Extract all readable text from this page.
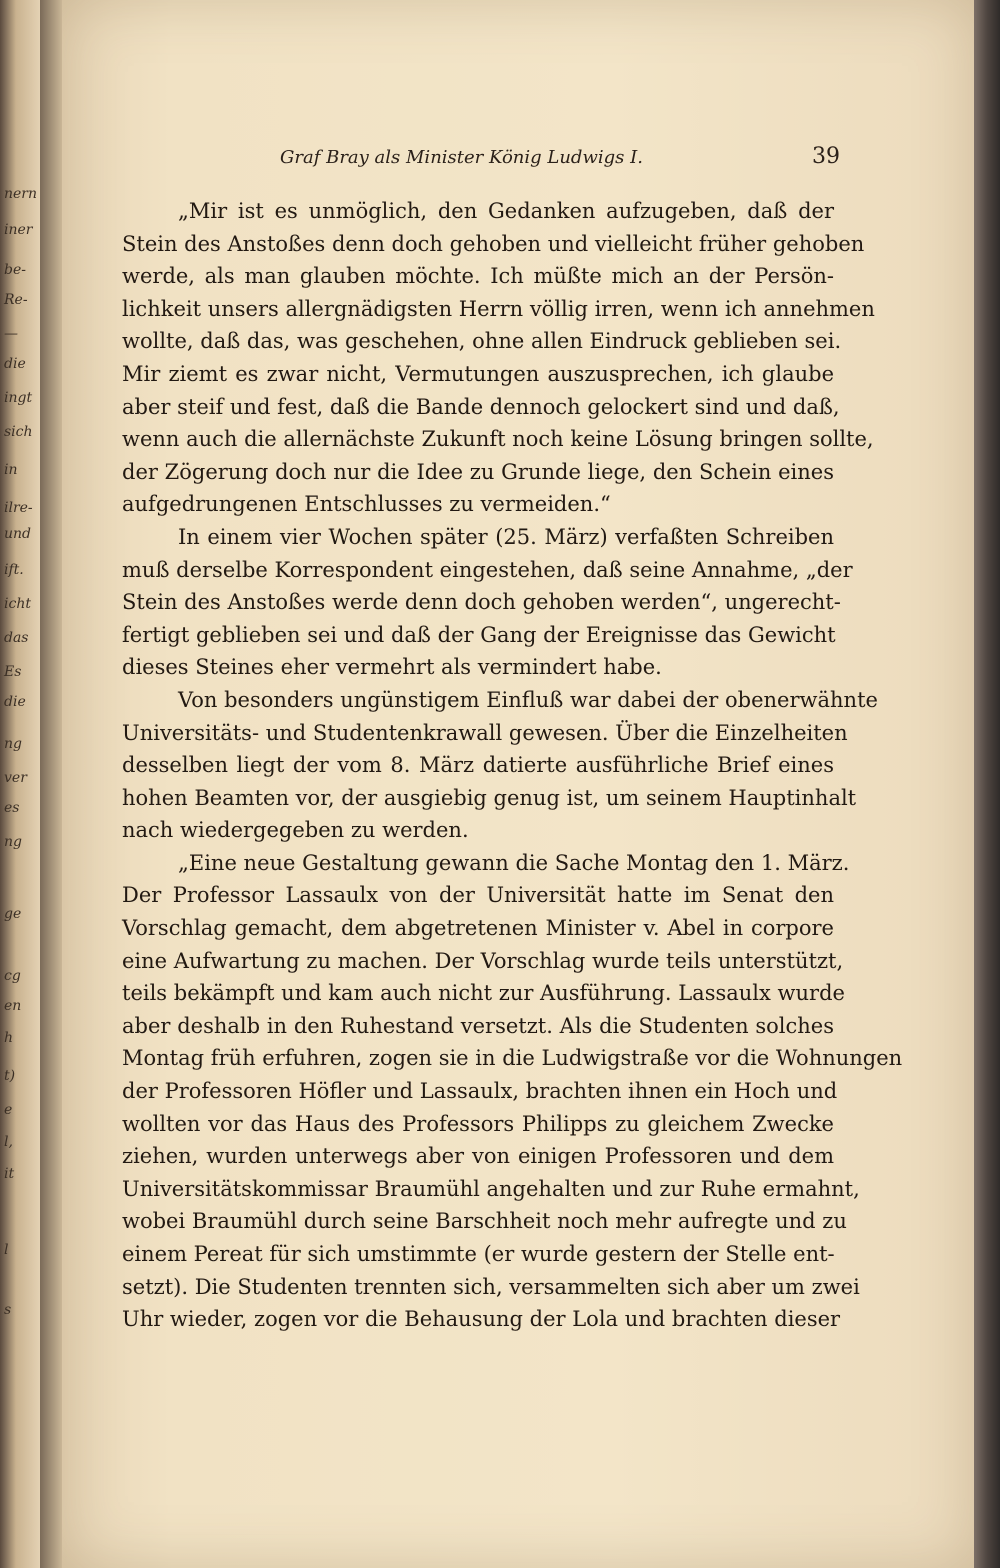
nern
iner
be-
Re-
—
die
ingt
sich
in
ilre-
und
ift.
icht
das
Es
die
ng
ver
es
ng
ge
cg
en
h
t)
e
l,
it
l
s
Graf Bray als Minister König Ludwigs I.	39
„Mir ist es unmöglich, den Gedanken aufzugeben, daß der
Stein des Anstoßes denn doch gehoben und vielleicht früher gehoben
werde, als man glauben möchte. Ich müßte mich an der Persön-
lichkeit unsers allergnädigsten Herrn völlig irren, wenn ich annehmen
wollte, daß das, was geschehen, ohne allen Eindruck geblieben sei.
Mir ziemt es zwar nicht, Vermutungen auszusprechen, ich glaube
aber steif und fest, daß die Bande dennoch gelockert sind und daß,
wenn auch die allernächste Zukunft noch keine Lösung bringen sollte,
der Zögerung doch nur die Idee zu Grunde liege, den Schein eines
aufgedrungenen Entschlusses zu vermeiden.“
In einem vier Wochen später (25. März) verfaßten Schreiben
muß derselbe Korrespondent eingestehen, daß seine Annahme, „der
Stein des Anstoßes werde denn doch gehoben werden“, ungerecht-
fertigt geblieben sei und daß der Gang der Ereignisse das Gewicht
dieses Steines eher vermehrt als vermindert habe.
Von besonders ungünstigem Einfluß war dabei der obenerwähnte
Universitäts- und Studentenkrawall gewesen. Über die Einzelheiten
desselben liegt der vom 8. März datierte ausführliche Brief eines
hohen Beamten vor, der ausgiebig genug ist, um seinem Hauptinhalt
nach wiedergegeben zu werden.
„Eine neue Gestaltung gewann die Sache Montag den 1. März.
Der Professor Lassaulx von der Universität hatte im Senat den
Vorschlag gemacht, dem abgetretenen Minister v. Abel in corpore
eine Aufwartung zu machen. Der Vorschlag wurde teils unterstützt,
teils bekämpft und kam auch nicht zur Ausführung. Lassaulx wurde
aber deshalb in den Ruhestand versetzt. Als die Studenten solches
Montag früh erfuhren, zogen sie in die Ludwigstraße vor die Wohnungen
der Professoren Höfler und Lassaulx, brachten ihnen ein Hoch und
wollten vor das Haus des Professors Philipps zu gleichem Zwecke
ziehen, wurden unterwegs aber von einigen Professoren und dem
Universitätskommissar Braumühl angehalten und zur Ruhe ermahnt,
wobei Braumühl durch seine Barschheit noch mehr aufregte und zu
einem Pereat für sich umstimmte (er wurde gestern der Stelle ent-
setzt). Die Studenten trennten sich, versammelten sich aber um zwei
Uhr wieder, zogen vor die Behausung der Lola und brachten dieser
